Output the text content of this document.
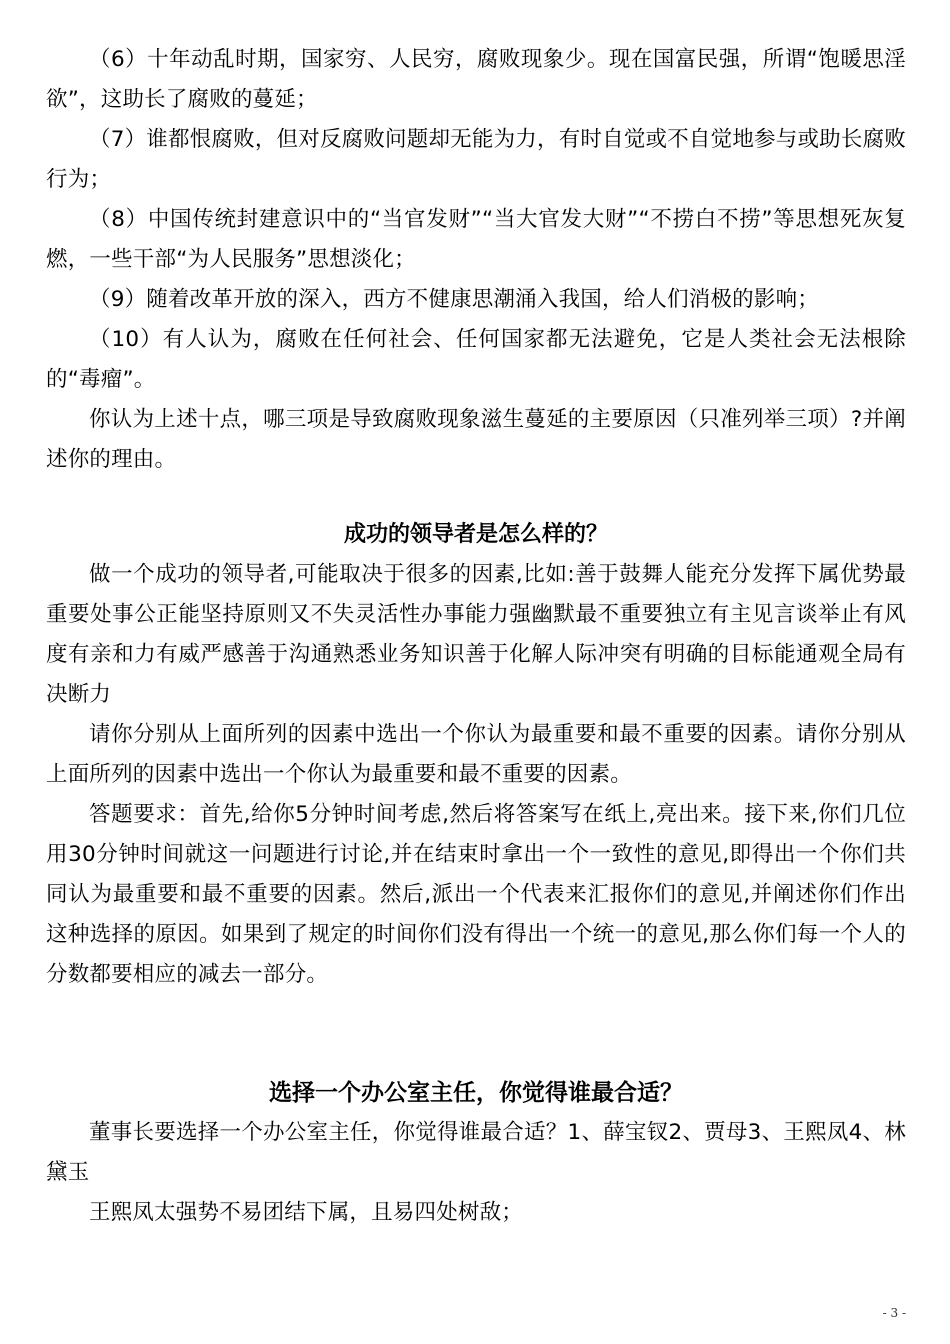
（6）十年动乱时期，国家穷、人民穷，腐败现象少。现在国富民强，所谓“饱暖思淫欲”，这助长了腐败的蔓延；

（7）谁都恨腐败，但对反腐败问题却无能为力，有时自觉或不自觉地参与或助长腐败行为；

（8）中国传统封建意识中的“当官发财”“当大官发大财”“不捞白不捞”等思想死灰复燃，一些干部“为人民服务”思想淡化；

（9）随着改革开放的深入，西方不健康思潮涌入我国，给人们消极的影响；

（10）有人认为，腐败在任何社会、任何国家都无法避免，它是人类社会无法根除的“毒瘤”。

你认为上述十点，哪三项是导致腐败现象滋生蔓延的主要原因（只准列举三项）?并阐述你的理由。

成功的领导者是怎么样的？

做一个成功的领导者,可能取决于很多的因素,比如:善于鼓舞人能充分发挥下属优势最重要处事公正能坚持原则又不失灵活性办事能力强幽默最不重要独立有主见言谈举止有风度有亲和力有威严感善于沟通熟悉业务知识善于化解人际冲突有明确的目标能通观全局有决断力

请你分别从上面所列的因素中选出一个你认为最重要和最不重要的因素。请你分别从上面所列的因素中选出一个你认为最重要和最不重要的因素。

答题要求：首先,给你5分钟时间考虑,然后将答案写在纸上,亮出来。接下来,你们几位用30分钟时间就这一问题进行讨论,并在结束时拿出一个一致性的意见,即得出一个你们共同认为最重要和最不重要的因素。然后,派出一个代表来汇报你们的意见,并阐述你们作出这种选择的原因。如果到了规定的时间你们没有得出一个统一的意见,那么你们每一个人的分数都要相应的减去一部分。

选择一个办公室主任，你觉得谁最合适？

董事长要选择一个办公室主任，你觉得谁最合适？1、薛宝钗2、贾母3、王熙凤4、林黛玉

王熙凤太强势不易团结下属，且易四处树敌；

- 3 -
